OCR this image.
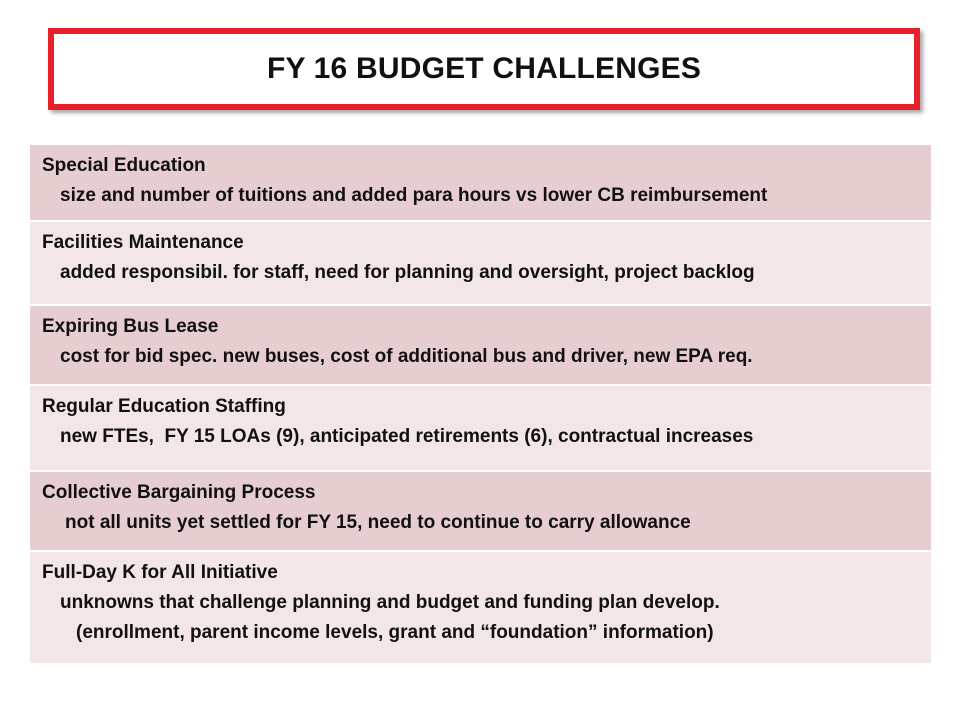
FY 16 BUDGET CHALLENGES
Special Education
size and number of tuitions and added para hours vs lower CB reimbursement
Facilities Maintenance
added responsibil. for staff, need for planning and oversight, project backlog
Expiring Bus Lease
cost for bid spec. new buses, cost of additional bus and driver, new EPA req.
Regular Education Staffing
new FTEs,  FY 15 LOAs (9), anticipated retirements (6), contractual increases
Collective Bargaining Process
not all units yet settled for FY 15, need to continue to carry allowance
Full-Day K for All Initiative
unknowns that challenge planning and budget and funding plan develop.
(enrollment, parent income levels, grant and “foundation” information)
